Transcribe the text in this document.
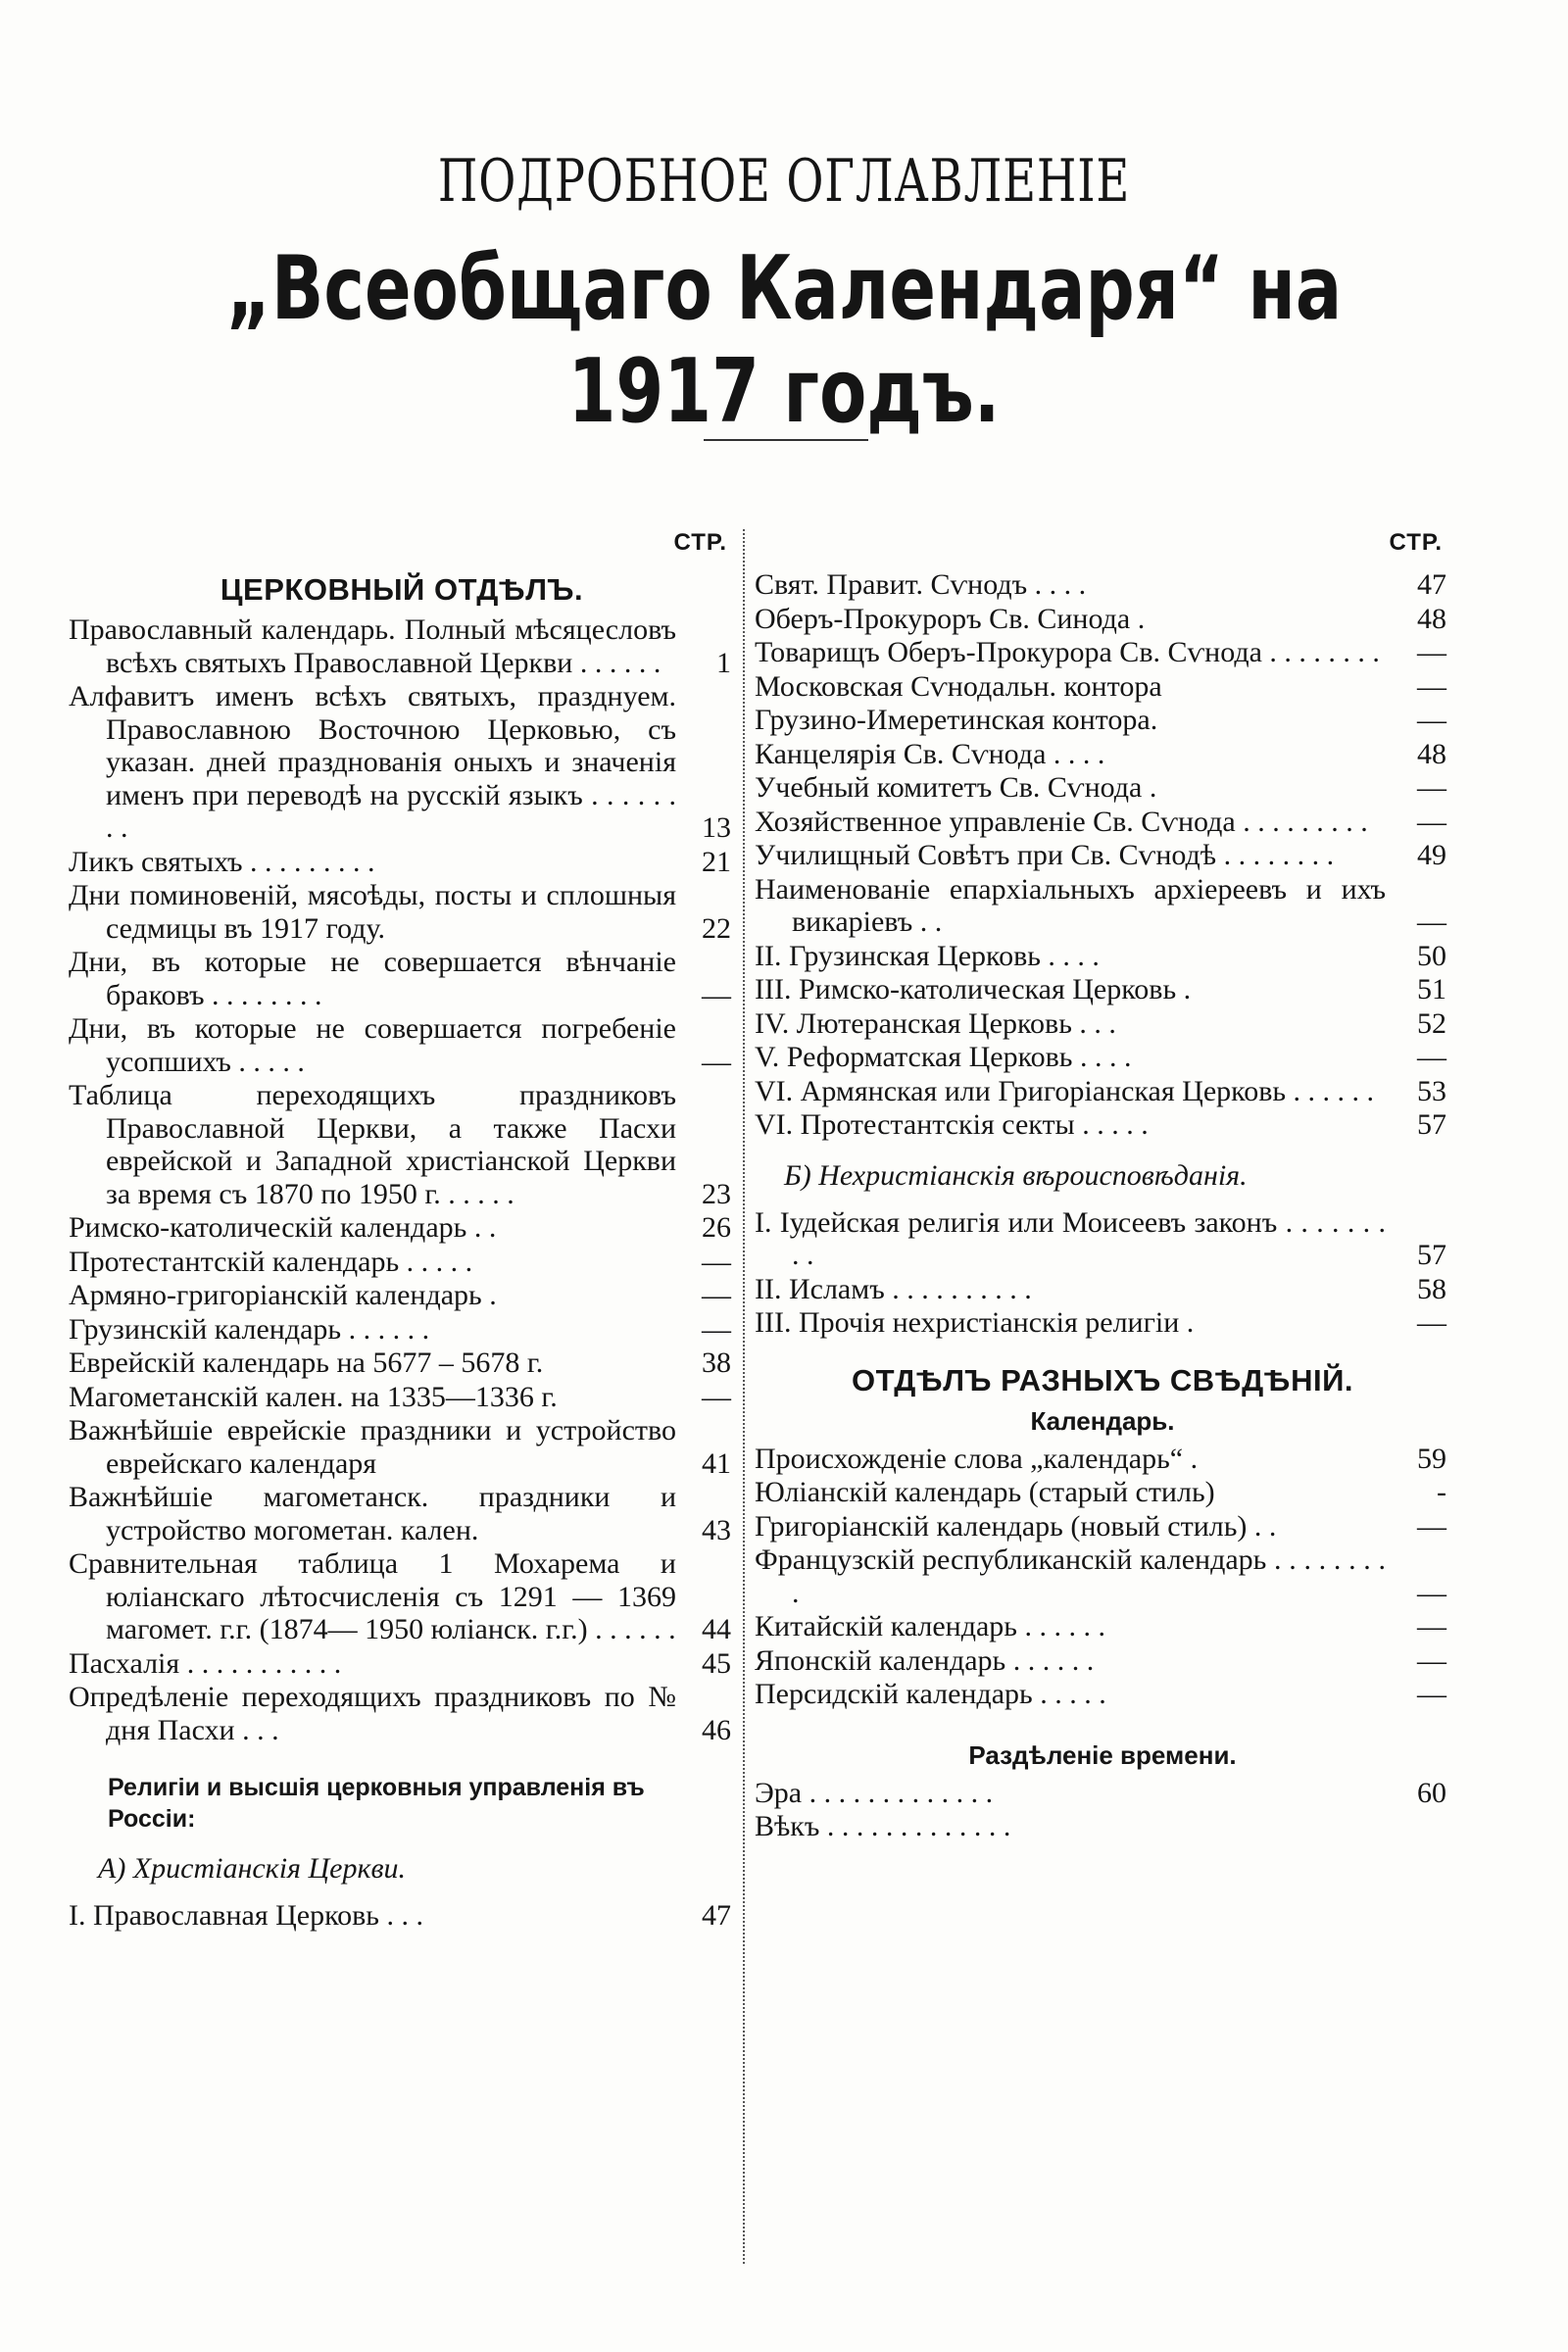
ПОДРОБНОЕ ОГЛАВЛЕНIЕ
„Всеобщаго Календаря“ на 1917 годъ.
СТР.
ЦЕРКОВНЫЙ ОТДѢЛЪ.
Православный календарь. Полный мѣсяцесловъ всѣхъ святыхъ Православной Церкви . . . . . .	1
Алфавитъ именъ всѣхъ святыхъ, празднуем. Православною Восточною Церковью, съ указан. дней празднованія оныхъ и значенія именъ при переводѣ на русскій языкъ . . . . . . . .	13
Ликъ святыхъ . . . . . . . . .	21
Дни поминовеній, мясоѣды, посты и сплошныя седмицы въ 1917 году.	22
Дни, въ которые не совершается вѣнчаніе браковъ . . . . . . . .	—
Дни, въ которые не совершается погребеніе усопшихъ . . . . .	—
Таблица переходящихъ праздниковъ Православной Церкви, а также Пасхи еврейской и Западной христіанской Церкви за время съ 1870 по 1950 г. . . . . .	23
Римско-католическій календарь . .	26
Протестантскій календарь . . . . .	—
Армяно-григоріанскій календарь .	—
Грузинскій календарь . . . . . .	—
Еврейскій календарь на 5677 – 5678 г.	38
Магометанскій кален. на 1335—1336 г.	—
Важнѣйшіе еврейскіе праздники и устройство еврейскаго календаря	41
Важнѣйшіе магометанск. праздники и устройство могометан. кален.	43
Сравнительная таблица 1 Мохарема и юліанскаго лѣтосчисленія съ 1291 — 1369 магомет. г.г. (1874— 1950 юліанск. г.г.) . . . . . . 44
Пасхалія . . . . . . . . . . .	45
Опредѣленіе переходящихъ праздниковъ по № дня Пасхи . . .	46
Религіи и высшія церковныя управленія въ Россіи:
А) Христіанскія Церкви.
I. Православная Церковь . . .	47
СТР.
Свят. Правит. Сѵнодъ . . . .	47
Оберъ-Прокуроръ Св. Синода .	48
Товарищъ Оберъ-Прокурора Св. Сѵнода . . . . . . . .	—
Московская Сѵнодальн. контора	—
Грузино-Имеретинская контора.	—
Канцелярія Св. Сѵнода . . . .	48
Учебный комитетъ Св. Сѵнода .	—
Хозяйственное управленіе Св. Сѵнода . . . . . . . . .	—
Училищный Совѣтъ при Св. Сѵнодѣ . . . . . . . .	49
Наименованіе епархіальныхъ архіереевъ и ихъ викаріевъ . .	—
II. Грузинская Церковь . . . .	50
III. Римско-католическая Церковь .	51
IV. Лютеранская Церковь . . .	52
V. Реформатская Церковь . . . .	—
VI. Армянская или Григоріанская Церковь . . . . . .	53
VI. Протестантскія секты . . . . .	57
Б) Нехристіанскія вѣроисповѣданія.
I. Іудейская религія или Моисеевъ законъ . . . . . . . . .	57
II. Исламъ . . . . . . . . . .	58
III. Прочія нехристіанскія религіи .	—
ОТДѢЛЪ РАЗНЫХЪ СВѢДѢНІЙ.
Календарь.
Происхожденіе слова „календарь“ .	59
Юліанскій календарь (старый стиль)	-
Григоріанскій календарь (новый стиль) . .	—
Французскій республиканскій календарь . . . . . . . . .	—
Китайскій календарь . . . . . .	—
Японскій календарь . . . . . .	—
Персидскій календарь . . . . .	—
Раздѣленіе времени.
Эра . . . . . . . . . . . . .	60
Вѣкъ . . . . . . . . . . . . .
